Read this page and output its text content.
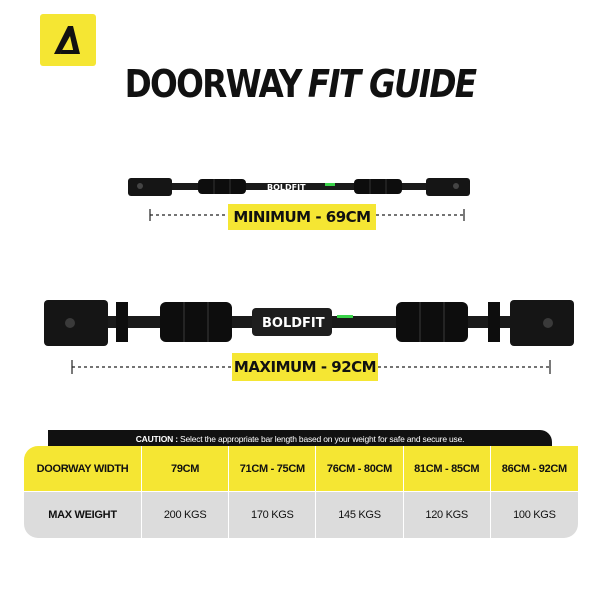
DOORWAY FIT GUIDE
BOLDFIT
BOLDFIT
MINIMUM - 69CM
MAXIMUM - 92CM
CAUTION : Select the appropriate bar length based on your weight for safe and secure use.
DOORWAY WIDTH	79CM	71CM - 75CM	76CM - 80CM	81CM - 85CM	86CM - 92CM
MAX WEIGHT	200 KGS	170 KGS	145 KGS	120 KGS	100 KGS
